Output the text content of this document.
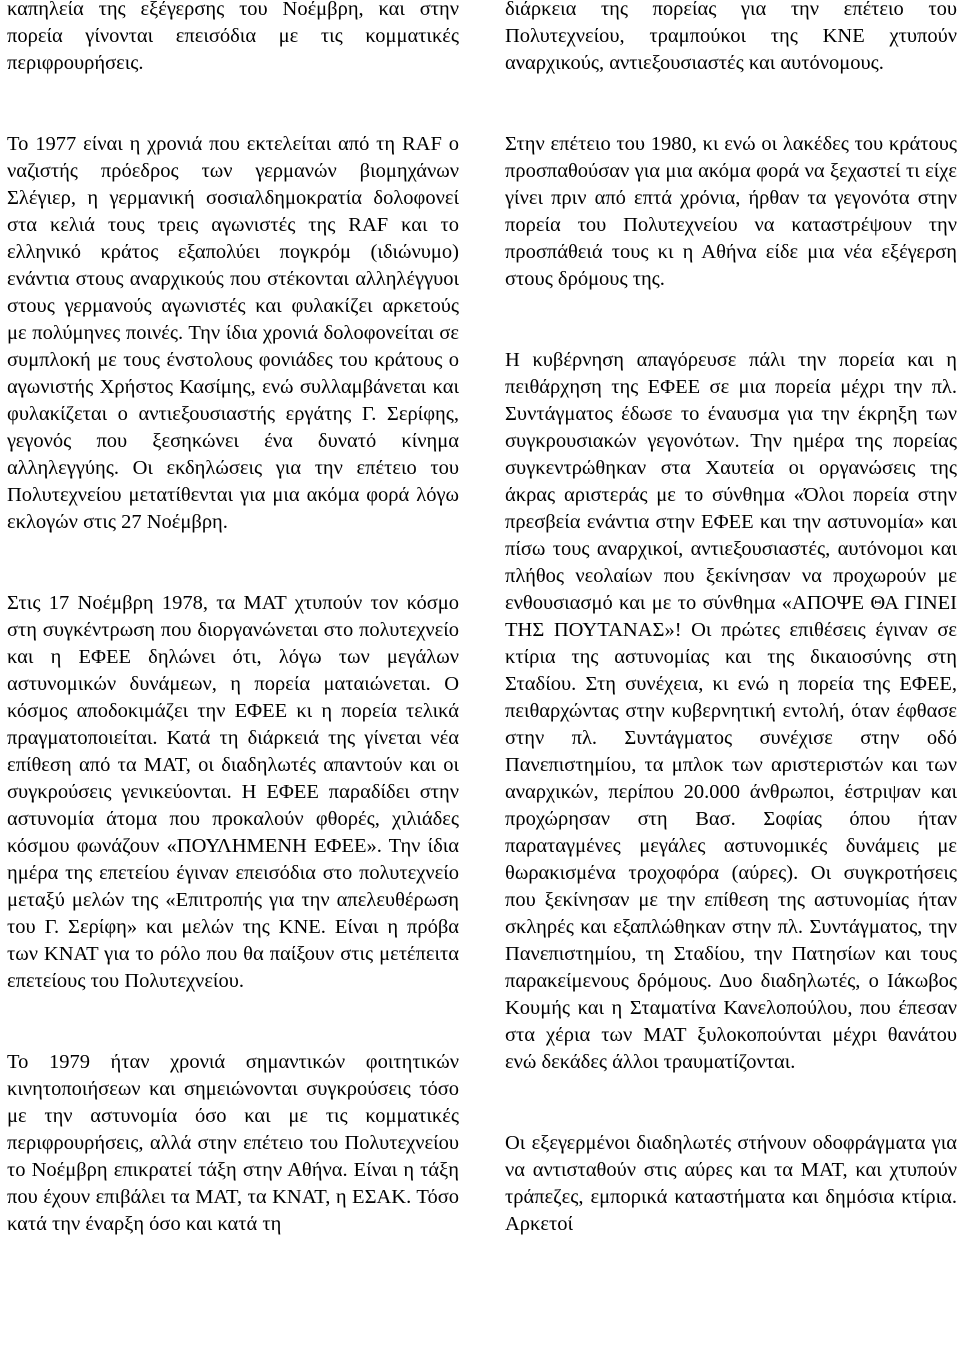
καπηλεία της εξέγερσης του Νοέμβρη, και στην πορεία γίνονται επεισόδια με τις κομματικές περιφρουρήσεις.

Το 1977 είναι η χρονιά που εκτελείται από τη RAF ο ναζιστής πρόεδρος των γερμανών βιομηχάνων Σλέγιερ, η γερμανική σοσιαλδημοκρατία δολοφονεί στα κελιά τους τρεις αγωνιστές της RAF και το ελληνικό κράτος εξαπολύει πογκρόμ (ιδιώνυμο) ενάντια στους αναρχικούς που στέκονται αλληλέγγυοι στους γερμανούς αγωνιστές και φυλακίζει αρκετούς με πολύμηνες ποινές. Την ίδια χρονιά δολοφονείται σε συμπλοκή με τους ένστολους φονιάδες του κράτους ο αγωνιστής Χρήστος Κασίμης, ενώ συλλαμβάνεται και φυλακίζεται ο αντιεξουσιαστής εργάτης Γ. Σερίφης, γεγονός που ξεσηκώνει ένα δυνατό κίνημα αλληλεγγύης. Οι εκδηλώσεις για την επέτειο του Πολυτεχνείου μετατίθενται για μια ακόμα φορά λόγω εκλογών στις 27 Νοέμβρη.

Στις 17 Νοέμβρη 1978, τα ΜΑΤ χτυπούν τον κόσμο στη συγκέντρωση που διοργανώνεται στο πολυτεχνείο και η ΕΦΕΕ δηλώνει ότι, λόγω των μεγάλων αστυνομικών δυνάμεων, η πορεία ματαιώνεται. Ο κόσμος αποδοκιμάζει την ΕΦΕΕ κι η πορεία τελικά πραγματοποιείται. Κατά τη διάρκειά της γίνεται νέα επίθεση από τα ΜΑΤ, οι διαδηλωτές απαντούν και οι συγκρούσεις γενικεύονται. Η ΕΦΕΕ παραδίδει στην αστυνομία άτομα που προκαλούν φθορές, χιλιάδες κόσμου φωνάζουν «ΠΟΥΛΗΜΕΝΗ ΕΦΕΕ». Την ίδια ημέρα της επετείου έγιναν επεισόδια στο πολυτεχνείο μεταξύ μελών της «Επιτροπής για την απελευθέρωση του Γ. Σερίφη» και μελών της ΚΝΕ. Είναι η πρόβα των ΚΝΑΤ για το ρόλο που θα παίξουν στις μετέπειτα επετείους του Πολυτεχνείου.

Το 1979 ήταν χρονιά σημαντικών φοιτητικών κινητοποιήσεων και σημειώνονται συγκρούσεις τόσο με την αστυνομία όσο και με τις κομματικές περιφρουρήσεις, αλλά στην επέτειο του Πολυτεχνείου το Νοέμβρη επικρατεί τάξη στην Αθήνα. Είναι η τάξη που έχουν επιβάλει τα ΜΑΤ, τα ΚΝΑΤ, η ΕΣΑΚ. Τόσο κατά την έναρξη όσο και κατά τη

διάρκεια της πορείας για την επέτειο του Πολυτεχνείου, τραμπούκοι της ΚΝΕ χτυπούν αναρχικούς, αντιεξουσιαστές και αυτόνομους.

Στην επέτειο του 1980, κι ενώ οι λακέδες του κράτους προσπαθούσαν για μια ακόμα φορά να ξεχαστεί τι είχε γίνει πριν από επτά χρόνια, ήρθαν τα γεγονότα στην πορεία του Πολυτεχνείου να καταστρέψουν την προσπάθειά τους κι η Αθήνα είδε μια νέα εξέγερση στους δρόμους της.

Η κυβέρνηση απαγόρευσε πάλι την πορεία και η πειθάρχηση της ΕΦΕΕ σε μια πορεία μέχρι την πλ. Συντάγματος έδωσε το έναυσμα για την έκρηξη των συγκρουσιακών γεγονότων. Την ημέρα της πορείας συγκεντρώθηκαν στα Χαυτεία οι οργανώσεις της άκρας αριστεράς με το σύνθημα «Όλοι πορεία στην πρεσβεία ενάντια στην ΕΦΕΕ και την αστυνομία» και πίσω τους αναρχικοί, αντιεξουσιαστές, αυτόνομοι και πλήθος νεολαίων που ξεκίνησαν να προχωρούν με ενθουσιασμό και με το σύνθημα «ΑΠΟΨΕ ΘΑ ΓΙΝΕΙ ΤΗΣ ΠΟΥΤΑΝΑΣ»! Οι πρώτες επιθέσεις έγιναν σε κτίρια της αστυνομίας και της δικαιοσύνης στη Σταδίου. Στη συνέχεια, κι ενώ η πορεία της ΕΦΕΕ, πειθαρχώντας στην κυβερνητική εντολή, όταν έφθασε στην πλ. Συντάγματος συνέχισε στην οδό Πανεπιστημίου, τα μπλοκ των αριστεριστών και των αναρχικών, περίπου 20.000 άνθρωποι, έστριψαν και προχώρησαν στη Βασ. Σοφίας όπου ήταν παραταγμένες μεγάλες αστυνομικές δυνάμεις με θωρακισμένα τροχοφόρα (αύρες). Οι συγκροτήσεις που ξεκίνησαν με την επίθεση της αστυνομίας ήταν σκληρές και εξαπλώθηκαν στην πλ. Συντάγματος, την Πανεπιστημίου, τη Σταδίου, την Πατησίων και τους παρακείμενους δρόμους. Δυο διαδηλωτές, ο Ιάκωβος Κουμής και η Σταματίνα Κανελοπούλου, που έπεσαν στα χέρια των ΜΑΤ ξυλοκοπούνται μέχρι θανάτου ενώ δεκάδες άλλοι τραυματίζονται.

Οι εξεγερμένοι διαδηλωτές στήνουν οδοφράγματα για να αντισταθούν στις αύρες και τα ΜΑΤ, και χτυπούν τράπεζες, εμπορικά καταστήματα και δημόσια κτίρια. Αρκετοί
